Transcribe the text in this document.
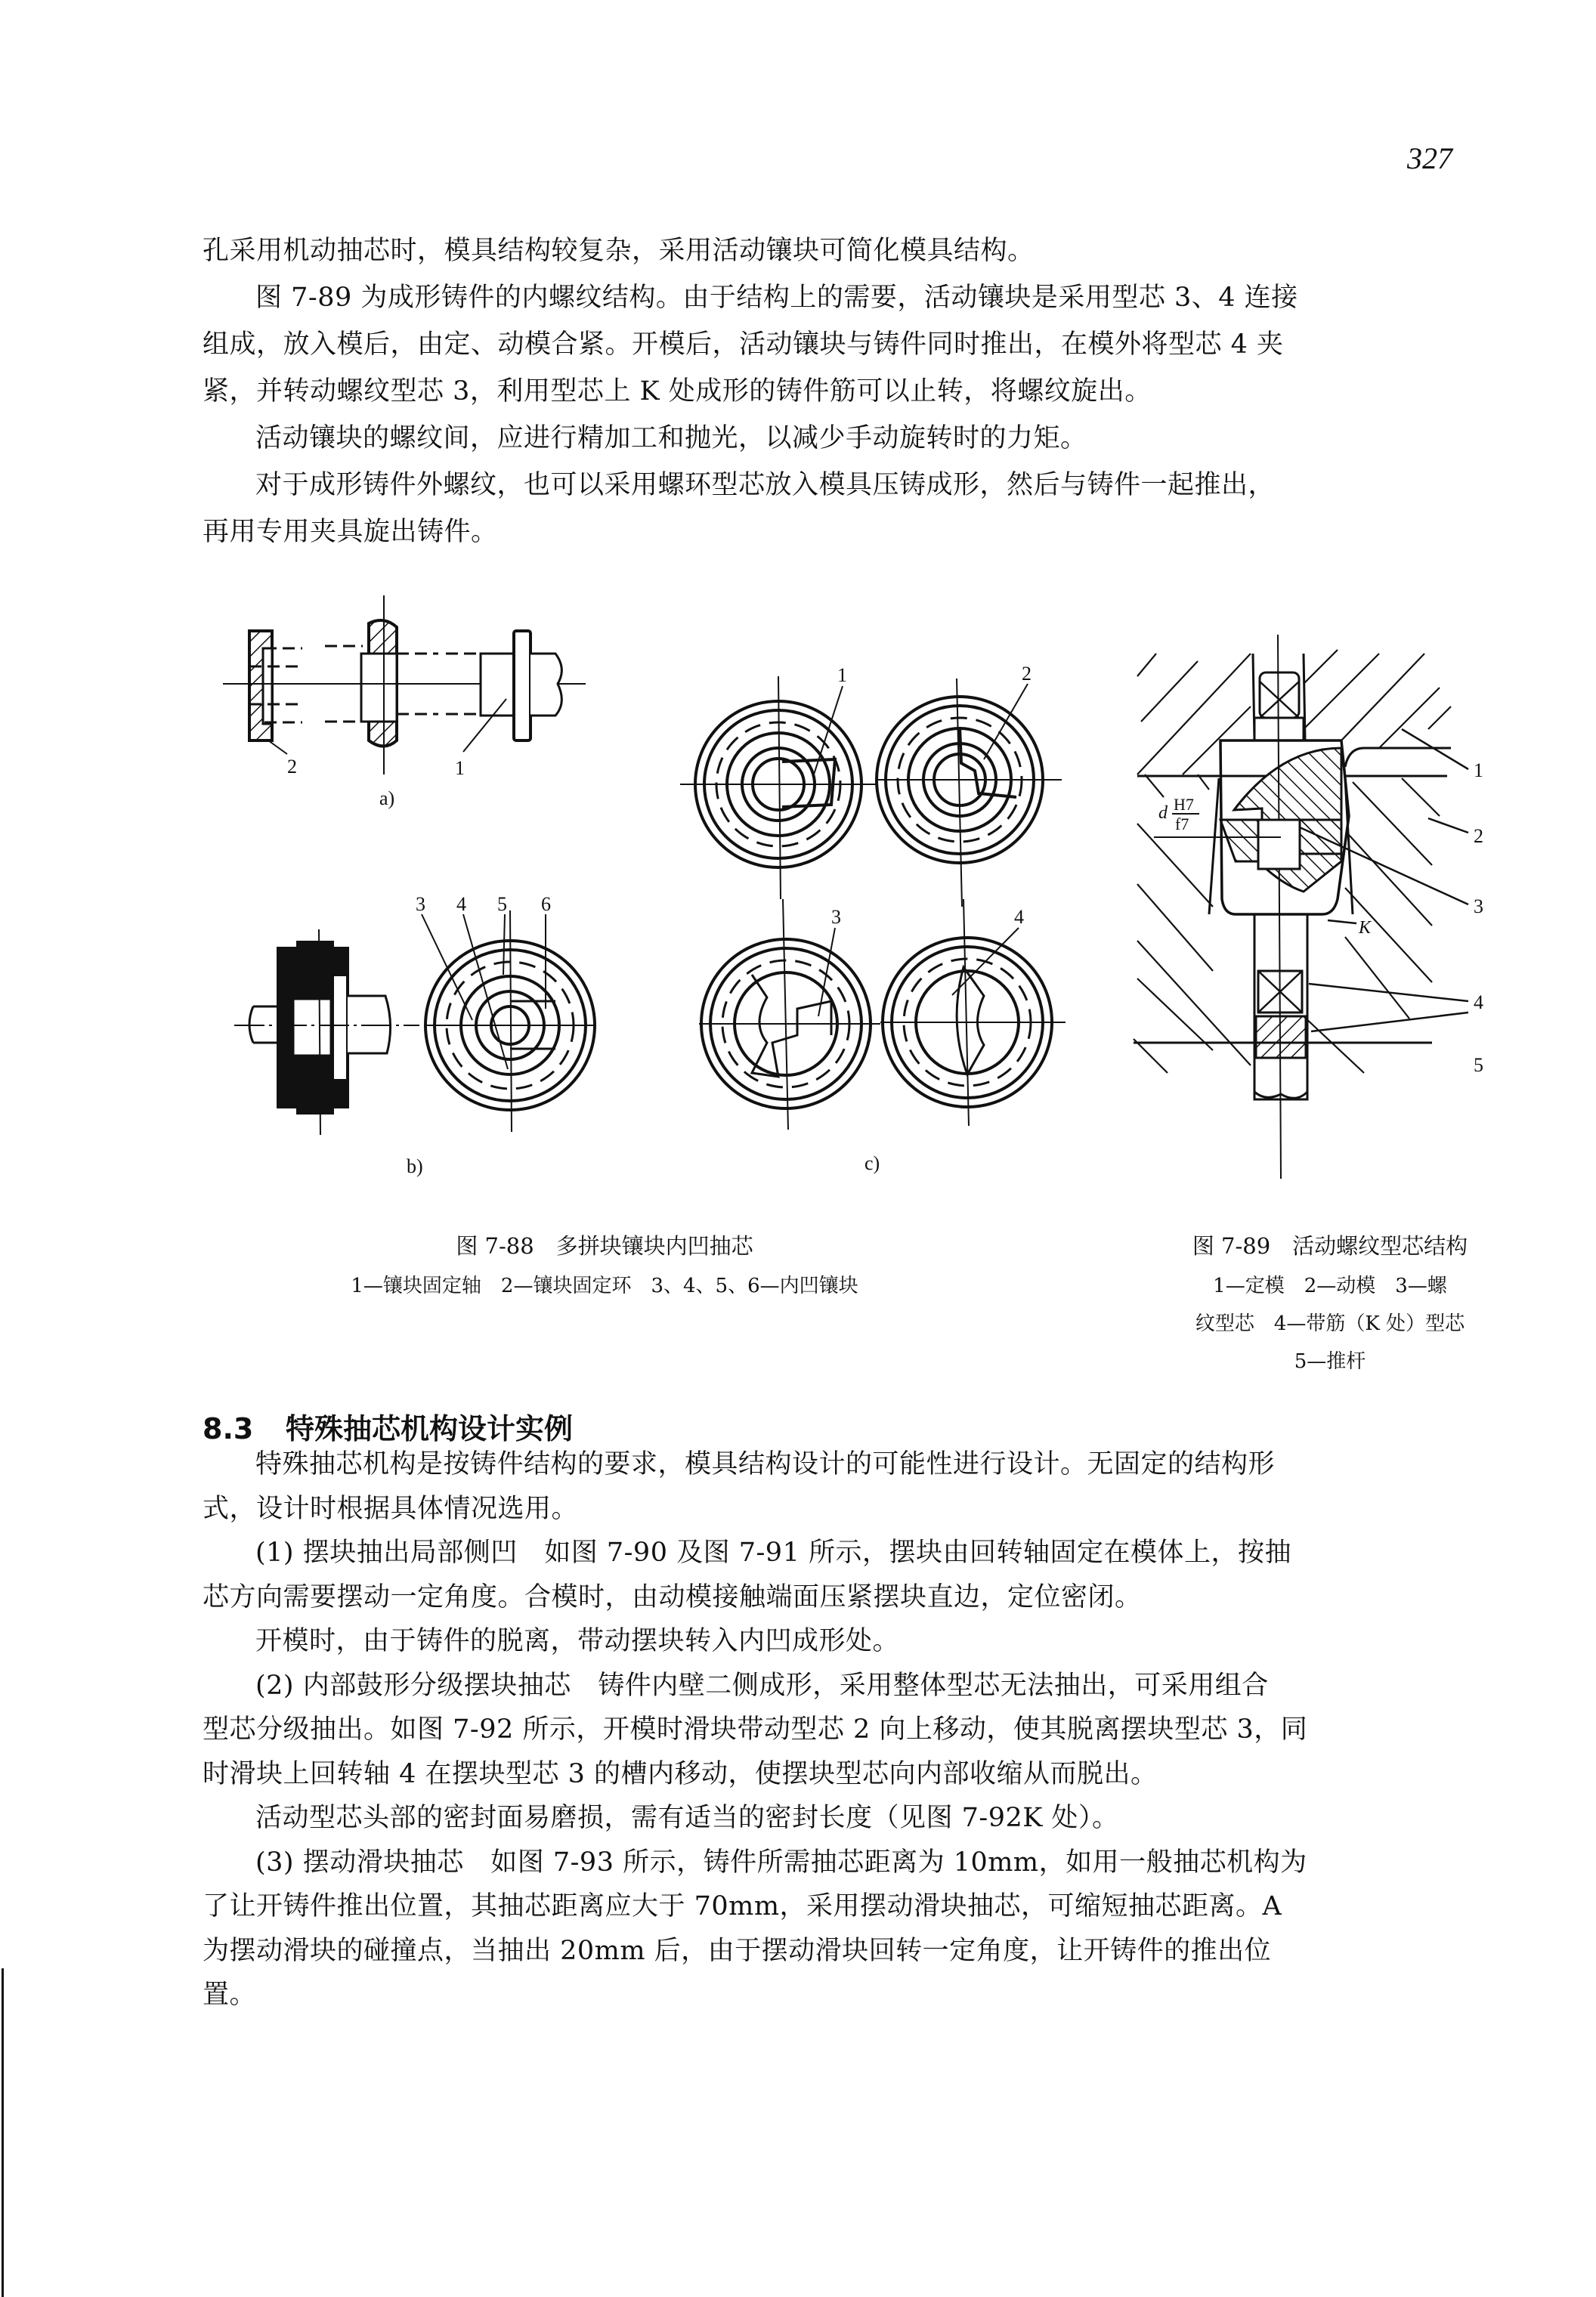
327
孔采用机动抽芯时，模具结构较复杂，采用活动镶块可简化模具结构。
图 7-89 为成形铸件的内螺纹结构。由于结构上的需要，活动镶块是采用型芯 3、4 连接
组成，放入模后，由定、动模合紧。开模后，活动镶块与铸件同时推出，在模外将型芯 4 夹
紧，并转动螺纹型芯 3，利用型芯上 K 处成形的铸件筋可以止转，将螺纹旋出。
活动镶块的螺纹间，应进行精加工和抛光，以减少手动旋转时的力矩。
对于成形铸件外螺纹，也可以采用螺环型芯放入模具压铸成形，然后与铸件一起推出，
再用专用夹具旋出铸件。
2	1
a)
1	2
3 4 5 6
b)
3	4
c)
d H7
f7
1
2
3
4
5
K
图 7-88　多拼块镶块内凹抽芯
1—镶块固定轴　2—镶块固定环　3、4、5、6—内凹镶块
图 7-89　活动螺纹型芯结构
1—定模　2—动模　3—螺
纹型芯　4—带筋（K 处）型芯
5—推杆
8.3 特殊抽芯机构设计实例
特殊抽芯机构是按铸件结构的要求，模具结构设计的可能性进行设计。无固定的结构形
式，设计时根据具体情况选用。
(1) 摆块抽出局部侧凹　如图 7-90 及图 7-91 所示，摆块由回转轴固定在模体上，按抽
芯方向需要摆动一定角度。合模时，由动模接触端面压紧摆块直边，定位密闭。
开模时，由于铸件的脱离，带动摆块转入内凹成形处。
(2) 内部鼓形分级摆块抽芯　铸件内壁二侧成形，采用整体型芯无法抽出，可采用组合
型芯分级抽出。如图 7-92 所示，开模时滑块带动型芯 2 向上移动，使其脱离摆块型芯 3，同
时滑块上回转轴 4 在摆块型芯 3 的槽内移动，使摆块型芯向内部收缩从而脱出。
活动型芯头部的密封面易磨损，需有适当的密封长度（见图 7-92K 处）。
(3) 摆动滑块抽芯　如图 7-93 所示，铸件所需抽芯距离为 10mm，如用一般抽芯机构为
了让开铸件推出位置，其抽芯距离应大于 70mm，采用摆动滑块抽芯，可缩短抽芯距离。A
为摆动滑块的碰撞点，当抽出 20mm 后，由于摆动滑块回转一定角度，让开铸件的推出位
置。
